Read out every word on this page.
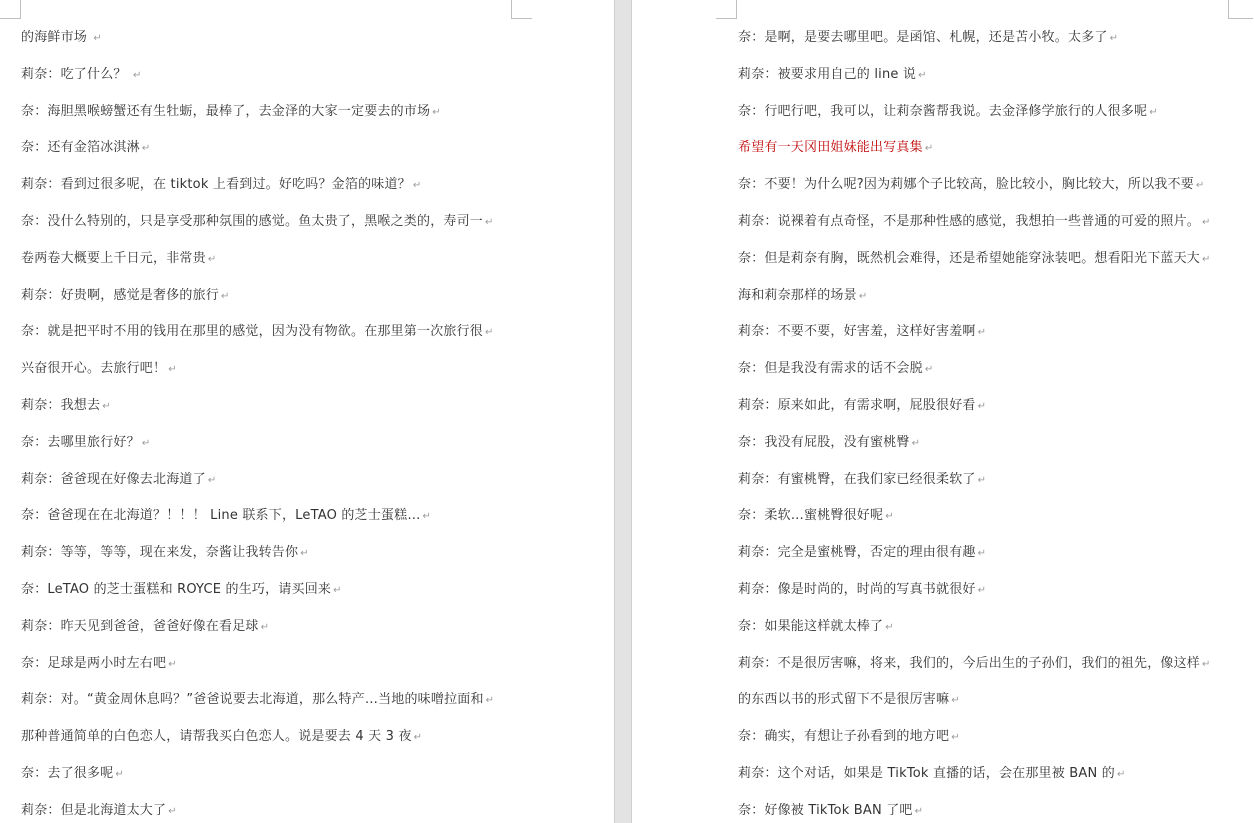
的海鲜市场 ↵
莉奈：吃了什么？ ↵
奈：海胆黑喉螃蟹还有生牡蛎，最棒了，去金泽的大家一定要去的市场 ↵
奈：还有金箔冰淇淋 ↵
莉奈：看到过很多呢，在 tiktok 上看到过。好吃吗？金箔的味道？ ↵
奈：没什么特别的，只是享受那种氛围的感觉。鱼太贵了，黑喉之类的，寿司一 ↵
卷两卷大概要上千日元，非常贵 ↵
莉奈：好贵啊，感觉是奢侈的旅行 ↵
奈：就是把平时不用的钱用在那里的感觉，因为没有物欲。在那里第一次旅行很 ↵
兴奋很开心。去旅行吧！ ↵
莉奈：我想去 ↵
奈：去哪里旅行好？ ↵
莉奈：爸爸现在好像去北海道了 ↵
奈：爸爸现在在北海道？！！！ Line 联系下，LeTAO 的芝士蛋糕… ↵
莉奈：等等，等等，现在来发，奈酱让我转告你 ↵
奈：LeTAO 的芝士蛋糕和 ROYCE 的生巧，请买回来 ↵
莉奈：昨天见到爸爸，爸爸好像在看足球 ↵
奈：足球是两小时左右吧 ↵
莉奈：对。“黄金周休息吗？”爸爸说要去北海道，那么特产…当地的味噌拉面和 ↵
那种普通简单的白色恋人，请帮我买白色恋人。说是要去 4 天 3 夜 ↵
奈：去了很多呢 ↵
莉奈：但是北海道太大了 ↵
奈：是啊，是要去哪里吧。是函馆、札幌，还是苫小牧。太多了 ↵
莉奈：被要求用自己的 line 说 ↵
奈：行吧行吧，我可以，让莉奈酱帮我说。去金泽修学旅行的人很多呢 ↵
希望有一天冈田姐妹能出写真集 ↵
奈：不要！为什么呢?因为莉娜个子比较高，脸比较小，胸比较大，所以我不要 ↵
莉奈：说裸着有点奇怪，不是那种性感的感觉，我想拍一些普通的可爱的照片。 ↵
奈：但是莉奈有胸，既然机会难得，还是希望她能穿泳装吧。想看阳光下蓝天大 ↵
海和莉奈那样的场景 ↵
莉奈：不要不要，好害羞，这样好害羞啊 ↵
奈：但是我没有需求的话不会脱 ↵
莉奈：原来如此，有需求啊，屁股很好看 ↵
奈：我没有屁股，没有蜜桃臀 ↵
莉奈：有蜜桃臀，在我们家已经很柔软了 ↵
奈：柔软…蜜桃臀很好呢 ↵
莉奈：完全是蜜桃臀，否定的理由很有趣 ↵
莉奈：像是时尚的，时尚的写真书就很好 ↵
奈：如果能这样就太棒了 ↵
莉奈：不是很厉害嘛，将来，我们的，今后出生的子孙们，我们的祖先，像这样 ↵
的东西以书的形式留下不是很厉害嘛 ↵
奈：确实，有想让子孙看到的地方吧 ↵
莉奈：这个对话，如果是 TikTok 直播的话，会在那里被 BAN 的 ↵
奈：好像被 TikTok BAN 了吧 ↵
